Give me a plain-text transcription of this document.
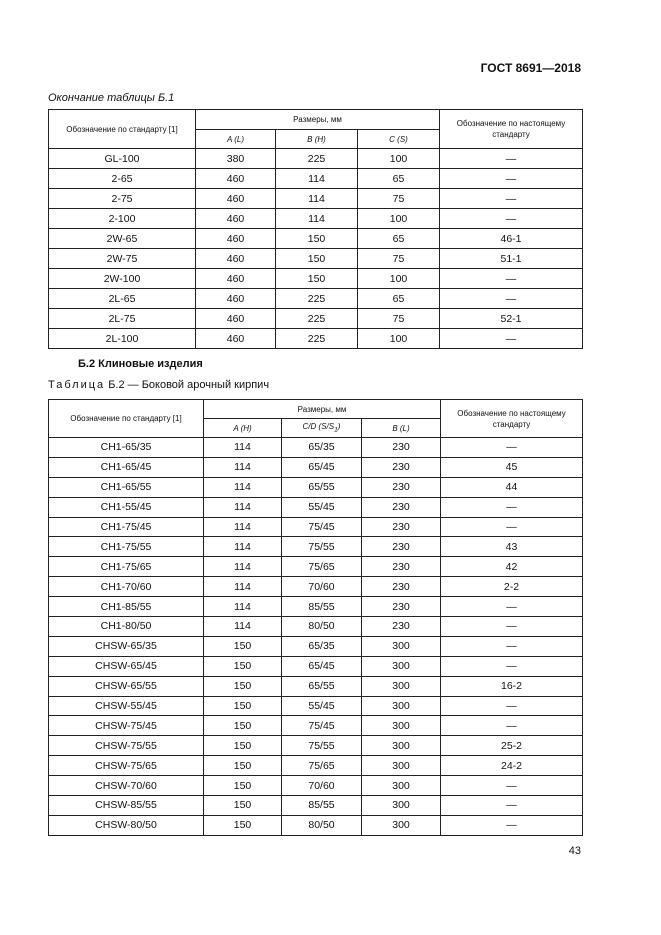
ГОСТ 8691—2018
Окончание таблицы Б.1
Обозначение по стандарту [1]	Размеры, мм			Обозначение по настоящему стандарту
	A (L)	B (H)	C (S)	
GL-100	380	225	100	—
2-65	460	114	65	—
2-75	460	114	75	—
2-100	460	114	100	—
2W-65	460	150	65	46-1
2W-75	460	150	75	51-1
2W-100	460	150	100	—
2L-65	460	225	65	—
2L-75	460	225	75	52-1
2L-100	460	225	100	—
Б.2 Клиновые изделия
Таблица Б.2 — Боковой арочный кирпич
Обозначение по стандарту [1]	Размеры, мм			Обозначение по настоящему стандарту
	A (H)	C/D $(S/S_1)$	B (L)	
CH1-65/35	114	65/35	230	—
CH1-65/45	114	65/45	230	45
CH1-65/55	114	65/55	230	44
CH1-55/45	114	55/45	230	—
CH1-75/45	114	75/45	230	—
CH1-75/55	114	75/55	230	43
CH1-75/65	114	75/65	230	42
CH1-70/60	114	70/60	230	2-2
CH1-85/55	114	85/55	230	—
CH1-80/50	114	80/50	230	—
CHSW-65/35	150	65/35	300	—
CHSW-65/45	150	65/45	300	—
CHSW-65/55	150	65/55	300	16-2
CHSW-55/45	150	55/45	300	—
CHSW-75/45	150	75/45	300	—
CHSW-75/55	150	75/55	300	25-2
CHSW-75/65	150	75/65	300	24-2
CHSW-70/60	150	70/60	300	—
CHSW-85/55	150	85/55	300	—
CHSW-80/50	150	80/50	300	—
43
